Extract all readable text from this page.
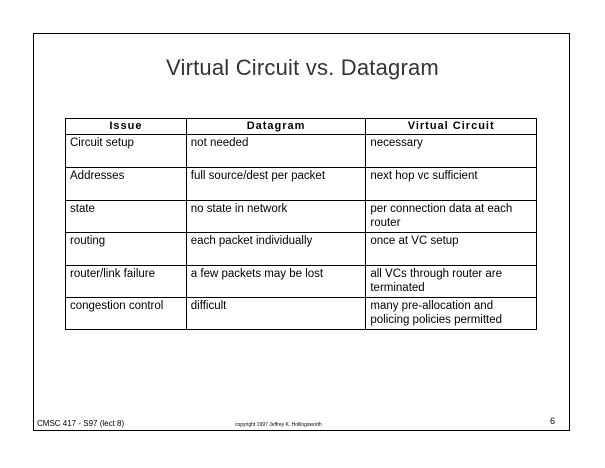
Virtual Circuit vs. Datagram
Issue	Datagram	Virtual Circuit
Circuit setup	not needed	necessary
Addresses	full source/dest per packet	next hop vc sufficient
state	no state in network	per connection data at each router
routing	each packet individually	once at VC setup
router/link failure	a few packets may be lost	all VCs through router are terminated
congestion control	difficult	many pre-allocation and policing policies permitted
CMSC 417 - S97 (lect 8)	copyright 1997 Jeffrey K. Hollingsworth	6
